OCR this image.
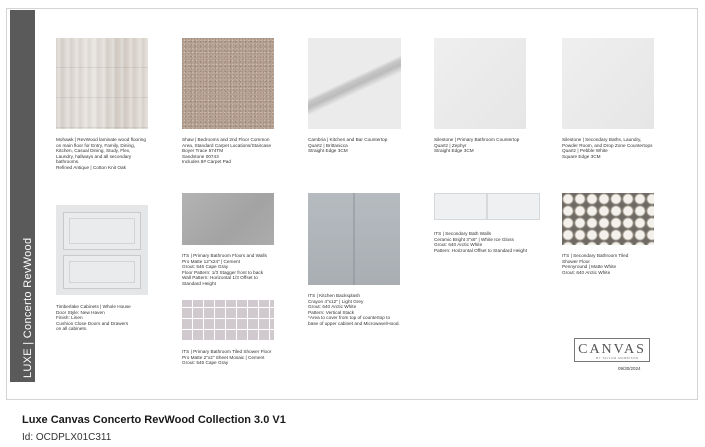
LUXE | Concerto RevWood
Mohawk | RevWood laminate wood flooring
on main floor for Entry, Family, Dining,
Kitchen, Casual Dining, Study, Flex,
Laundry, hallways and all secondary
bathrooms.
Refined Antique | Cotton Knit Oak
Shaw | Bedrooms and 2nd Floor Common
Area, Standard Carpet Locations/Staircase
Boyer Trace 574TM
Sandstone 00743
Includes 8# Carpet Pad
Cambria | Kitchen and Bar Countertop
Quartz | Brittanicca
Straight Edge 3CM
Silestone | Primary Bathroom Countertop
Quartz | Zephyr
Straight Edge 3CM
Silestone | Secondary Baths, Laundry,
Powder Room, and Drop Zone Countertops
Quartz | Pebble White
Square Edge 3CM
Timberlake Cabinets | Whole House
Door Style: New Haven
Finish: Linen
Cushion Close Doors and Drawers
on all cabinets.
ITS | Primary Bathroom Floors and Walls
Pro Matte 12"x24" | Cement
Grout: 546 Cape Gray
Floor Pattern: 1/3 Stagger front to back
Wall Pattern: Horizontal 1/3 Offset to
Standard Height
ITS | Primary Bathroom Tiled Shower Floor
Pro Matte 2"x2" Sheet Mosaic | Cement
Grout: 546 Cape Gray
ITS | Kitchen Backsplash
Crayon 4"x12" | Light Grey
Grout: 640 Arctic White
Pattern: Vertical Stack
*Area to cover from top of countertop to
base of upper cabinet and Microwave/Hood.
ITS | Secondary Bath Walls
Ceramic Bright 3"x6" | White Ice Gloss
Grout: 640 Arctic White
Pattern: Horizontal Offset to Standard Height
ITS | Secondary Bathroom Tiled
Shower Floor
Pennyround | Matte White
Grout: 640 Arctic White
CANVAS
BY TAYLOR MORRISON
09/30/2024
Luxe Canvas Concerto RevWood Collection 3.0 V1
Id: OCDPLX01C311
